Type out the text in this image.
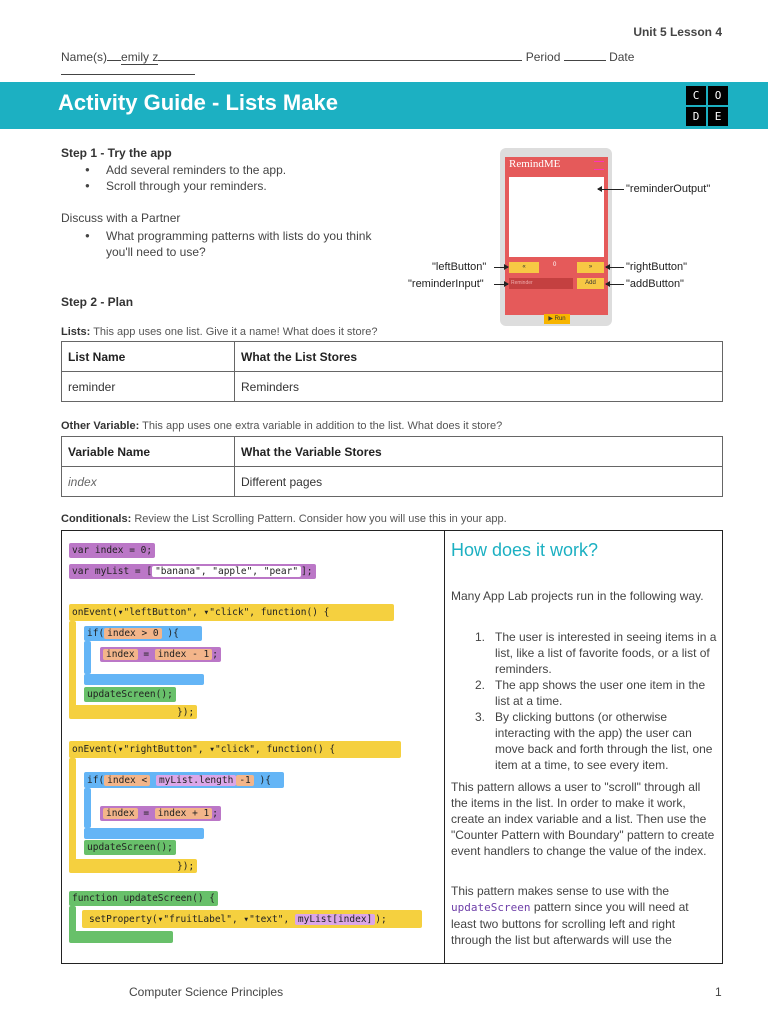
Unit 5 Lesson 4
Name(s) emily z	Period	Date
Activity Guide - Lists Make	C	O
D	E
Step 1 - Try the app
● Add several reminders to the app.
● Scroll through your reminders.
Discuss with a Partner
● What programming patterns with lists do you think
you'll need to use?
RemindME
«	0	»
Reminder	Add
▶ Run
"reminderOutput"
"leftButton"	"rightButton"
"reminderInput"	"addButton"
Step 2 - Plan
Lists: This app uses one list. Give it a name! What does it store?
List Name	What the List Stores
reminder	Reminders
Other Variable: This app uses one extra variable in addition to the list. What does it store?
Variable Name	What the Variable Stores
index	Different pages
Conditionals: Review the List Scrolling Pattern. Consider how you will use this in your app.
var index = 0;
var myList = [ "banana", "apple", "pear" ];
onEvent(▾"leftButton", ▾"click", function() {
if( index > 0 ){
index = index - 1 ;
updateScreen();
});
onEvent(▾"rightButton", ▾"click", function() {
if( index < myList.length -1 ){
index = index + 1 ;
updateScreen();
});
function updateScreen() {
setProperty(▾"fruitLabel", ▾"text", myList[index] );
How does it work?
Many App Lab projects run in the following way.
1. The user is interested in seeing items in a list, like a list of favorite foods, or a list of reminders.
2. The app shows the user one item in the list at a time.
3. By clicking buttons (or otherwise interacting with the app) the user can move back and forth through the list, one item at a time, to see every item.
This pattern allows a user to "scroll" through all the items in the list. In order to make it work, create an index variable and a list. Then use the "Counter Pattern with Boundary" pattern to create event handlers to change the value of the index.
This pattern makes sense to use with the updateScreen pattern since you will need at least two buttons for scrolling left and right through the list but afterwards will use the
Computer Science Principles	1
